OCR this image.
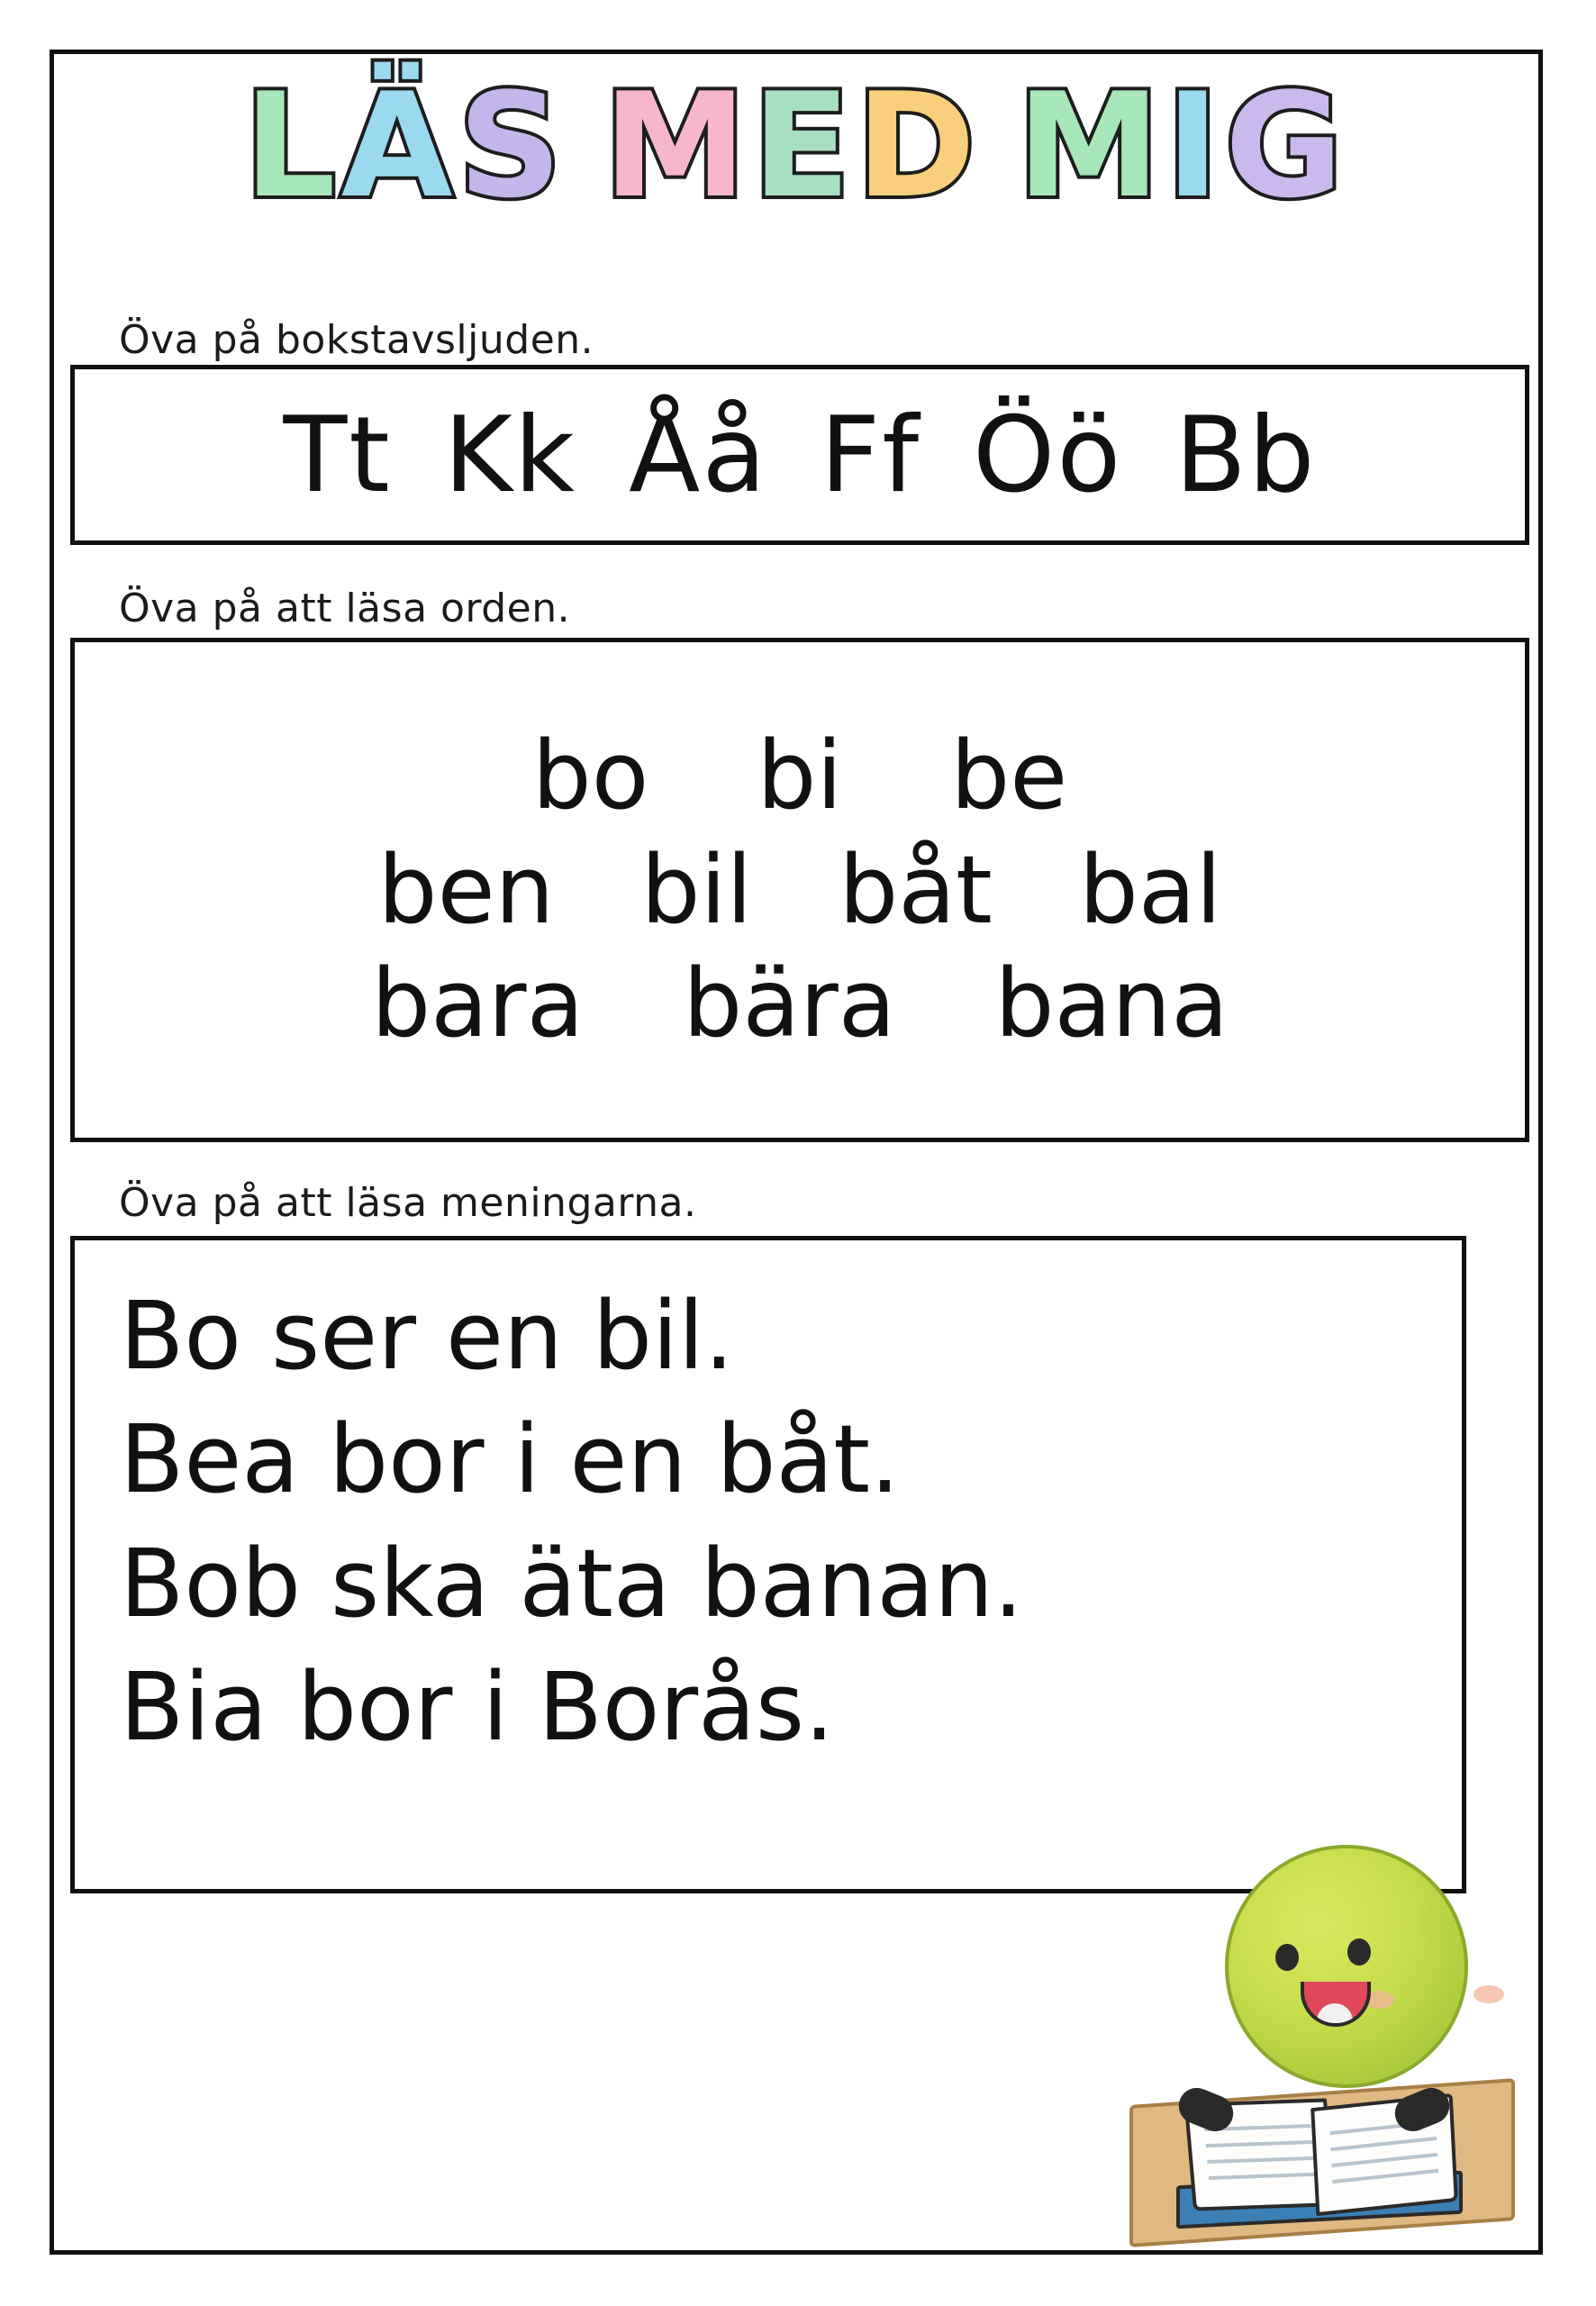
LÄS MED MIG
Öva på bokstavsljuden.
Tt Kk Åå Ff Öö Bb
Öva på att läsa orden.
bo bi be
ben bil båt bal
bara bära bana
Öva på att läsa meningarna.
Bo ser en bil.
Bea bor i en båt.
Bob ska äta banan.
Bia bor i Borås.
